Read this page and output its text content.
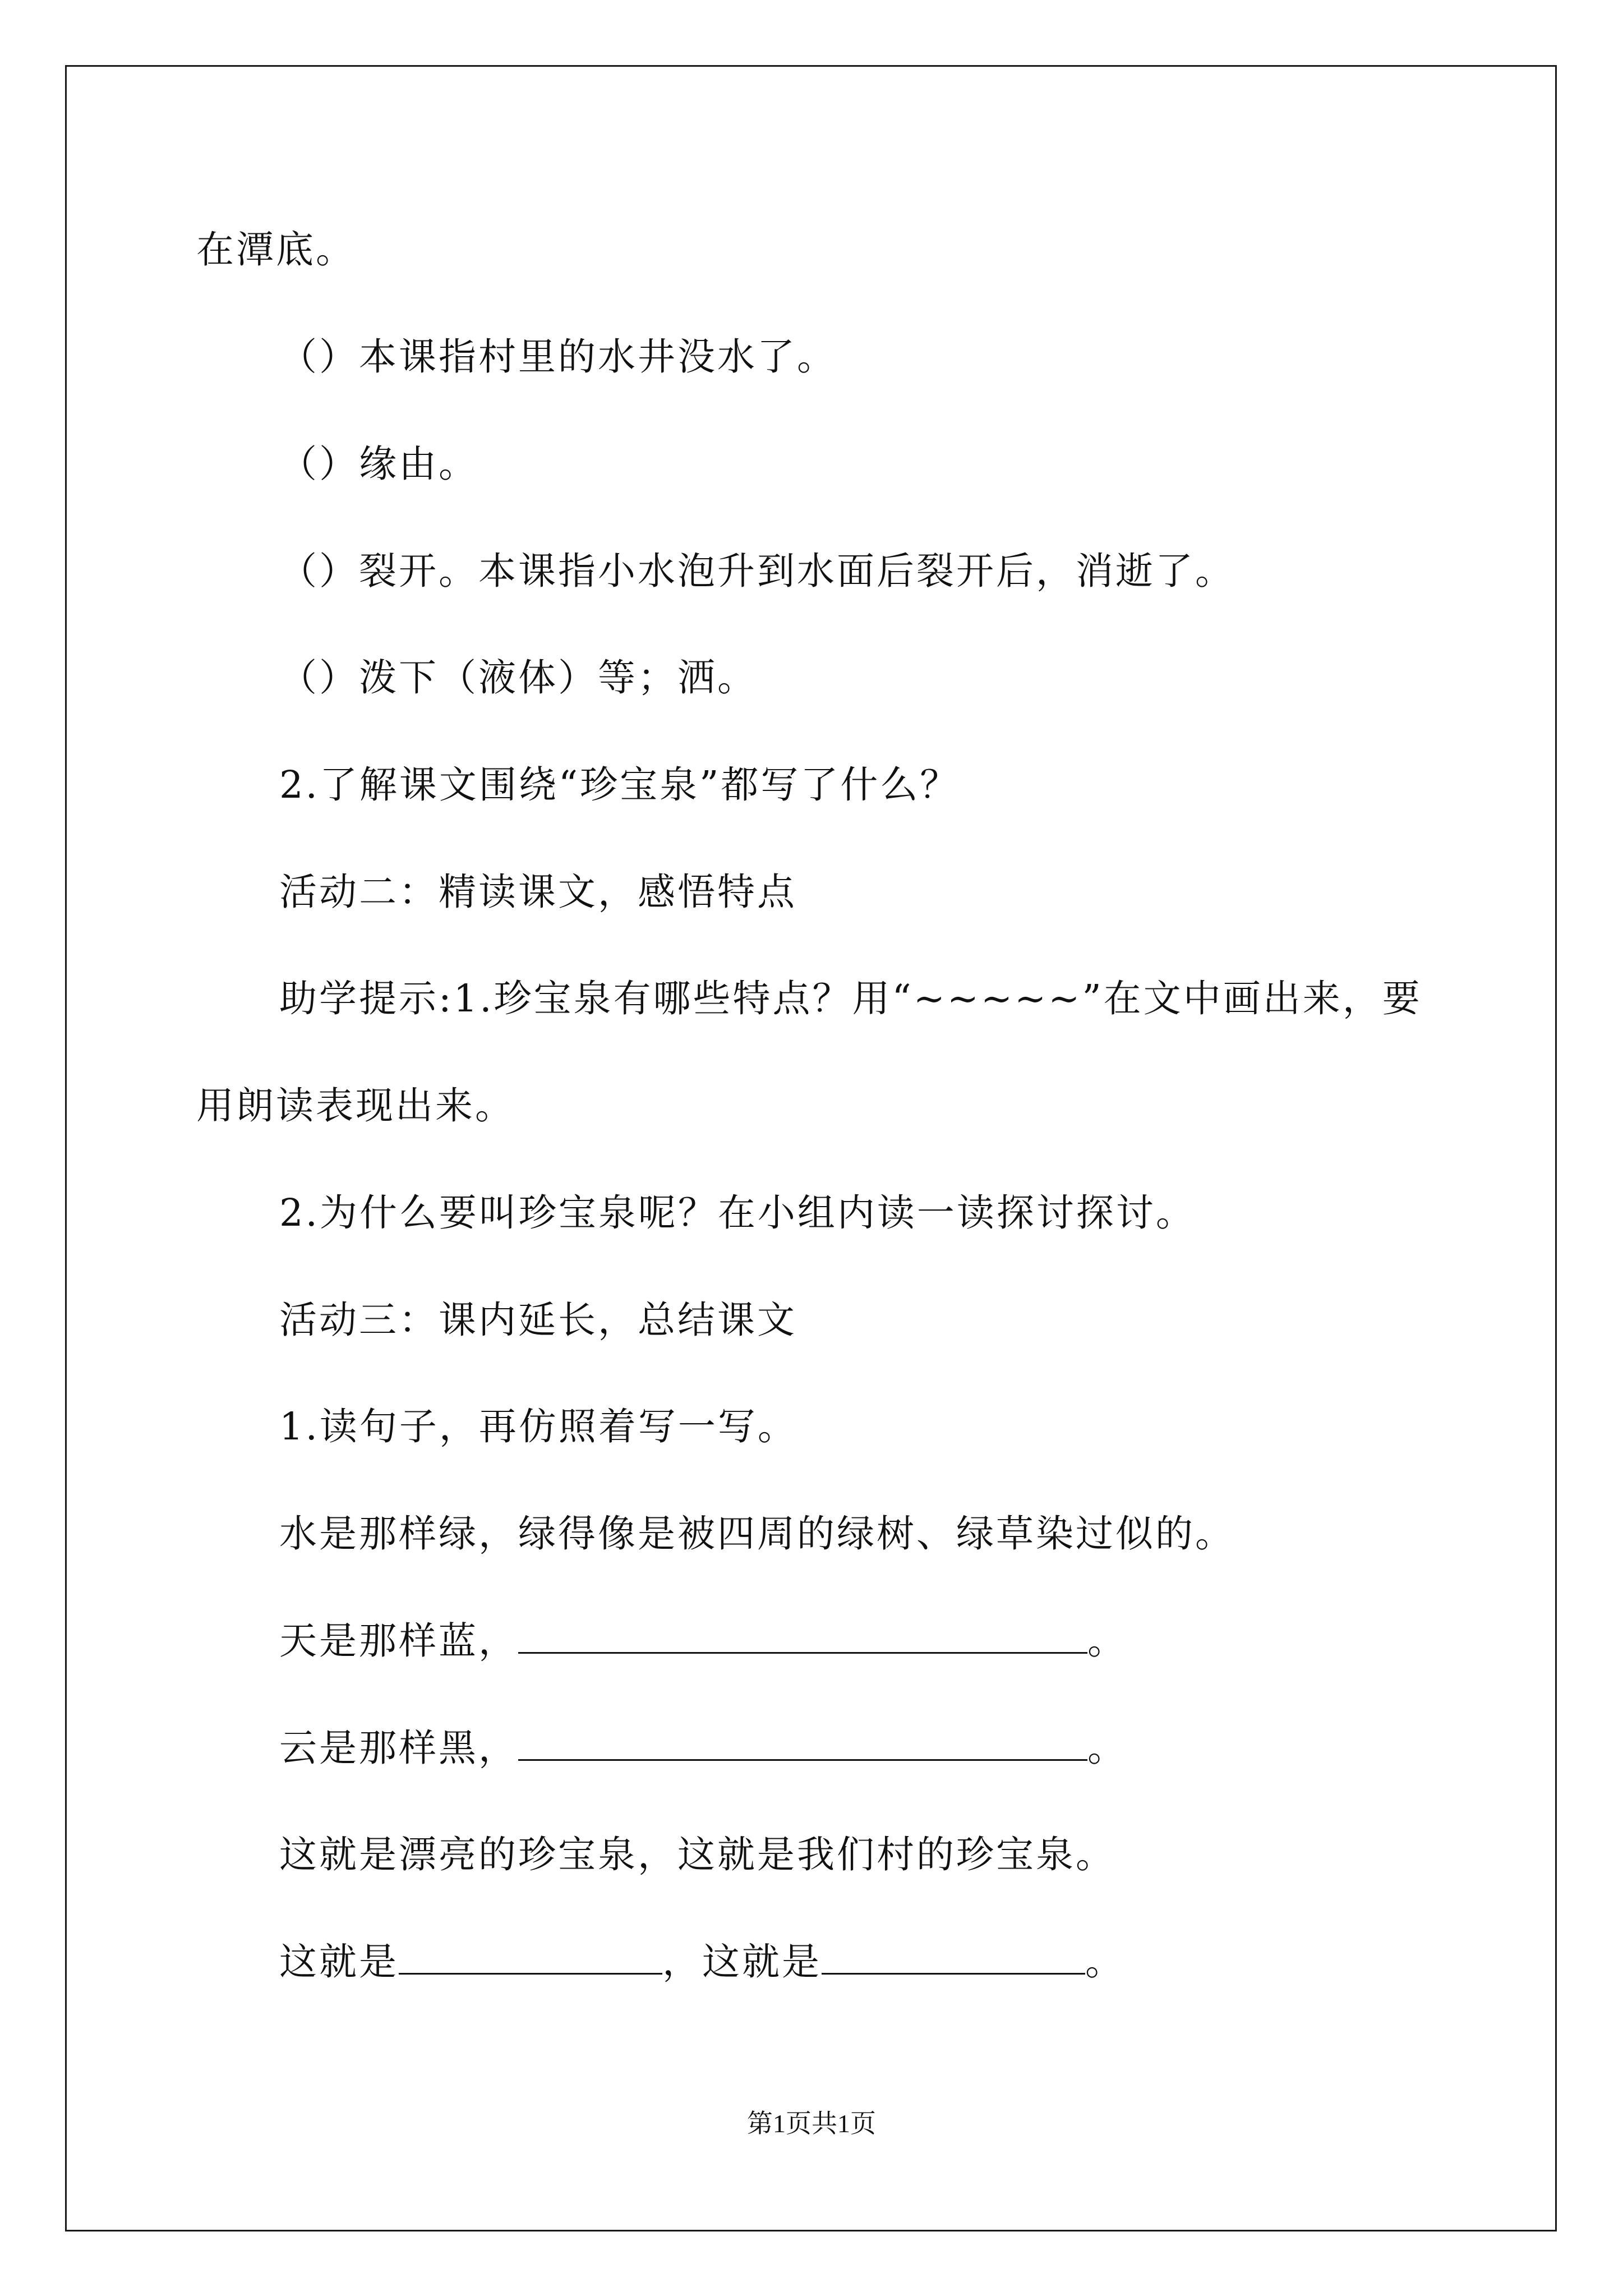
在潭底。

（）本课指村里的水井没水了。

（）缘由。

（）裂开。本课指小水泡升到水面后裂开后，消逝了。

（）泼下（液体）等；洒。

2.了解课文围绕“珍宝泉”都写了什么？

活动二：精读课文，感悟特点

助学提示:1.珍宝泉有哪些特点？用“~~~~~”在文中画出来，要

用朗读表现出来。

2.为什么要叫珍宝泉呢？在小组内读一读探讨探讨。

活动三：课内延长，总结课文

1.读句子，再仿照着写一写。

水是那样绿，绿得像是被四周的绿树、绿草染过似的。

天是那样蓝，	。

云是那样黑，	。

这就是漂亮的珍宝泉，这就是我们村的珍宝泉。

这就是	，这就是	。

第1页共1页
